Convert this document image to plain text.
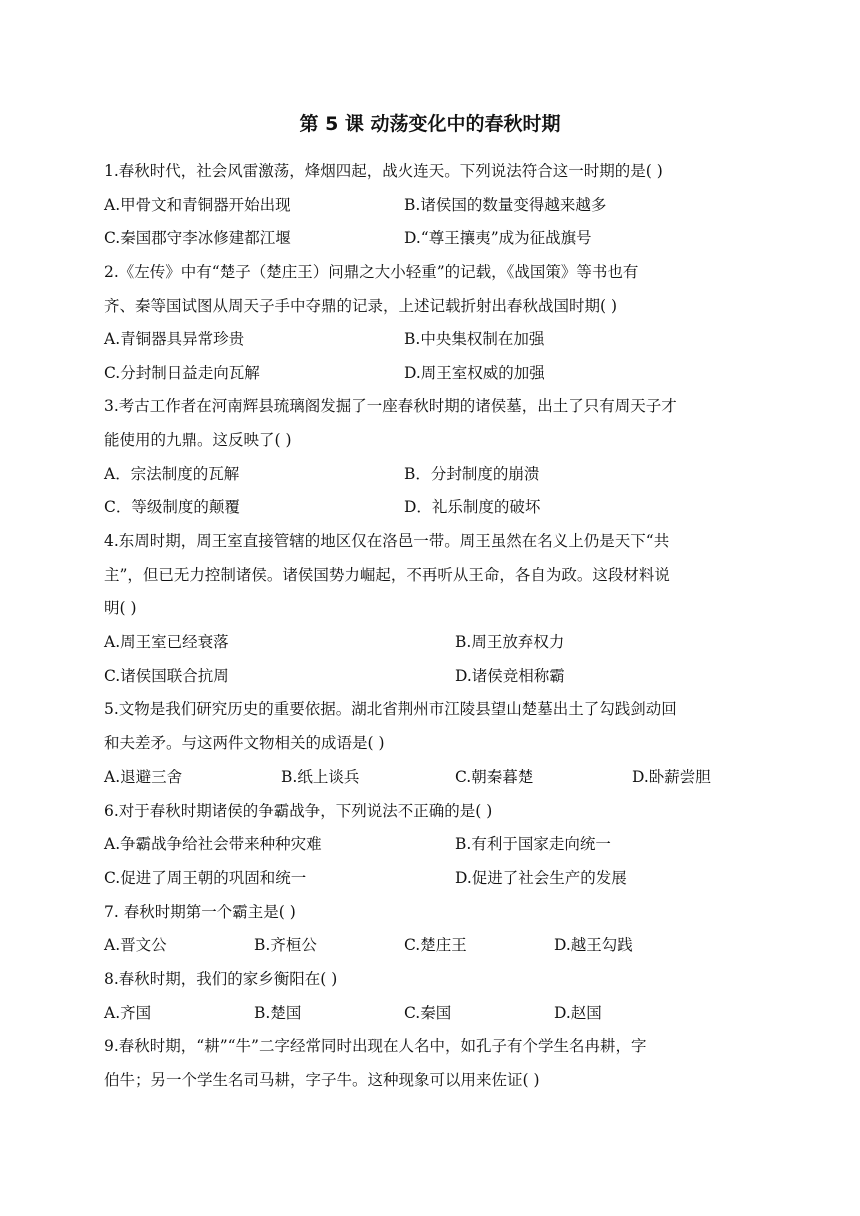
第 5 课 动荡变化中的春秋时期
1.春秋时代，社会风雷激荡，烽烟四起，战火连天。下列说法符合这一时期的是( )
A.甲骨文和青铜器开始出现	B.诸侯国的数量变得越来越多
C.秦国郡守李冰修建都江堰	D.“尊王攘夷”成为征战旗号
2.《左传》中有“楚子（楚庄王）问鼎之大小轻重”的记载，《战国策》等书也有
齐、秦等国试图从周天子手中夺鼎的记录，上述记载折射出春秋战国时期( )
A.青铜器具异常珍贵	B.中央集权制在加强
C.分封制日益走向瓦解	D.周王室权威的加强
3.考古工作者在河南辉县琉璃阁发掘了一座春秋时期的诸侯墓，出土了只有周天子才
能使用的九鼎。这反映了( )
A．宗法制度的瓦解	B．分封制度的崩溃
C．等级制度的颠覆	D．礼乐制度的破坏
4.东周时期，周王室直接管辖的地区仅在洛邑一带。周王虽然在名义上仍是天下“共
主”，但已无力控制诸侯。诸侯国势力崛起，不再听从王命，各自为政。这段材料说
明( )
A.周王室已经衰落	B.周王放弃权力
C.诸侯国联合抗周	D.诸侯竞相称霸
5.文物是我们研究历史的重要依据。湖北省荆州市江陵县望山楚墓出土了勾践剑动回
和夫差矛。与这两件文物相关的成语是( )
A.退避三舍	B.纸上谈兵	C.朝秦暮楚	D.卧薪尝胆
6.对于春秋时期诸侯的争霸战争，下列说法不正确的是( )
A.争霸战争给社会带来种种灾难	B.有利于国家走向统一
C.促进了周王朝的巩固和统一	D.促进了社会生产的发展
7. 春秋时期第一个霸主是( )
A.晋文公	B.齐桓公	C.楚庄王	D.越王勾践
8.春秋时期，我们的家乡衡阳在( )
A.齐国	B.楚国	C.秦国	D.赵国
9.春秋时期，“耕”“牛”二字经常同时出现在人名中，如孔子有个学生名冉耕，字
伯牛；另一个学生名司马耕，字子牛。这种现象可以用来佐证( )
